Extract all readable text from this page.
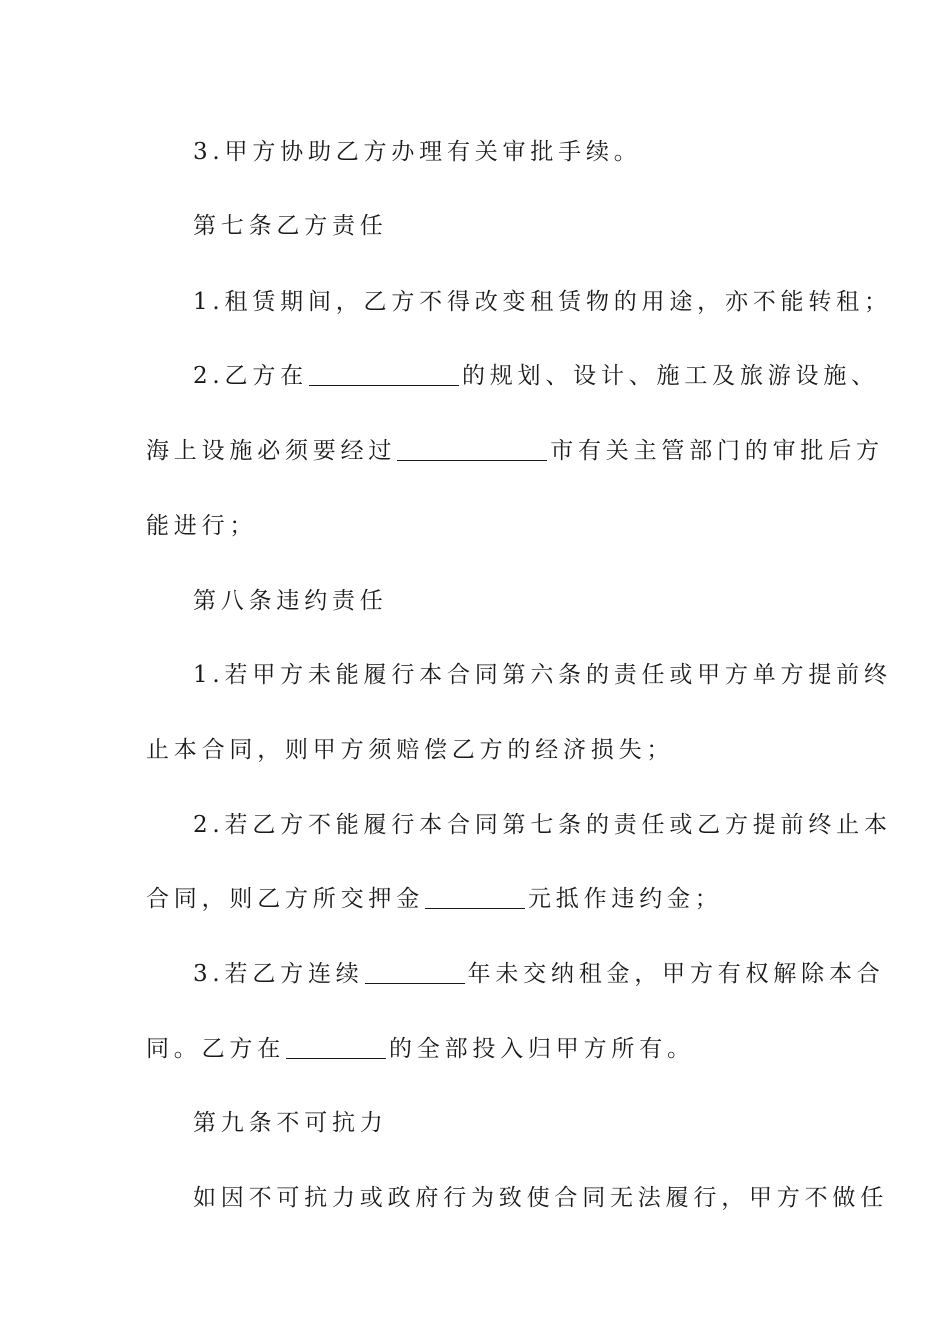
3.甲方协助乙方办理有关审批手续。
第七条乙方责任
1.租赁期间，乙方不得改变租赁物的用途，亦不能转租；
2.乙方在	的规划、设计、施工及旅游设施、
海上设施必须要经过	市有关主管部门的审批后方
能进行；
第八条违约责任
1.若甲方未能履行本合同第六条的责任或甲方单方提前终
止本合同，则甲方须赔偿乙方的经济损失；
2.若乙方不能履行本合同第七条的责任或乙方提前终止本
合同，则乙方所交押金	元抵作违约金；
3.若乙方连续	年未交纳租金，甲方有权解除本合
同。乙方在	的全部投入归甲方所有。
第九条不可抗力
如因不可抗力或政府行为致使合同无法履行，甲方不做任
